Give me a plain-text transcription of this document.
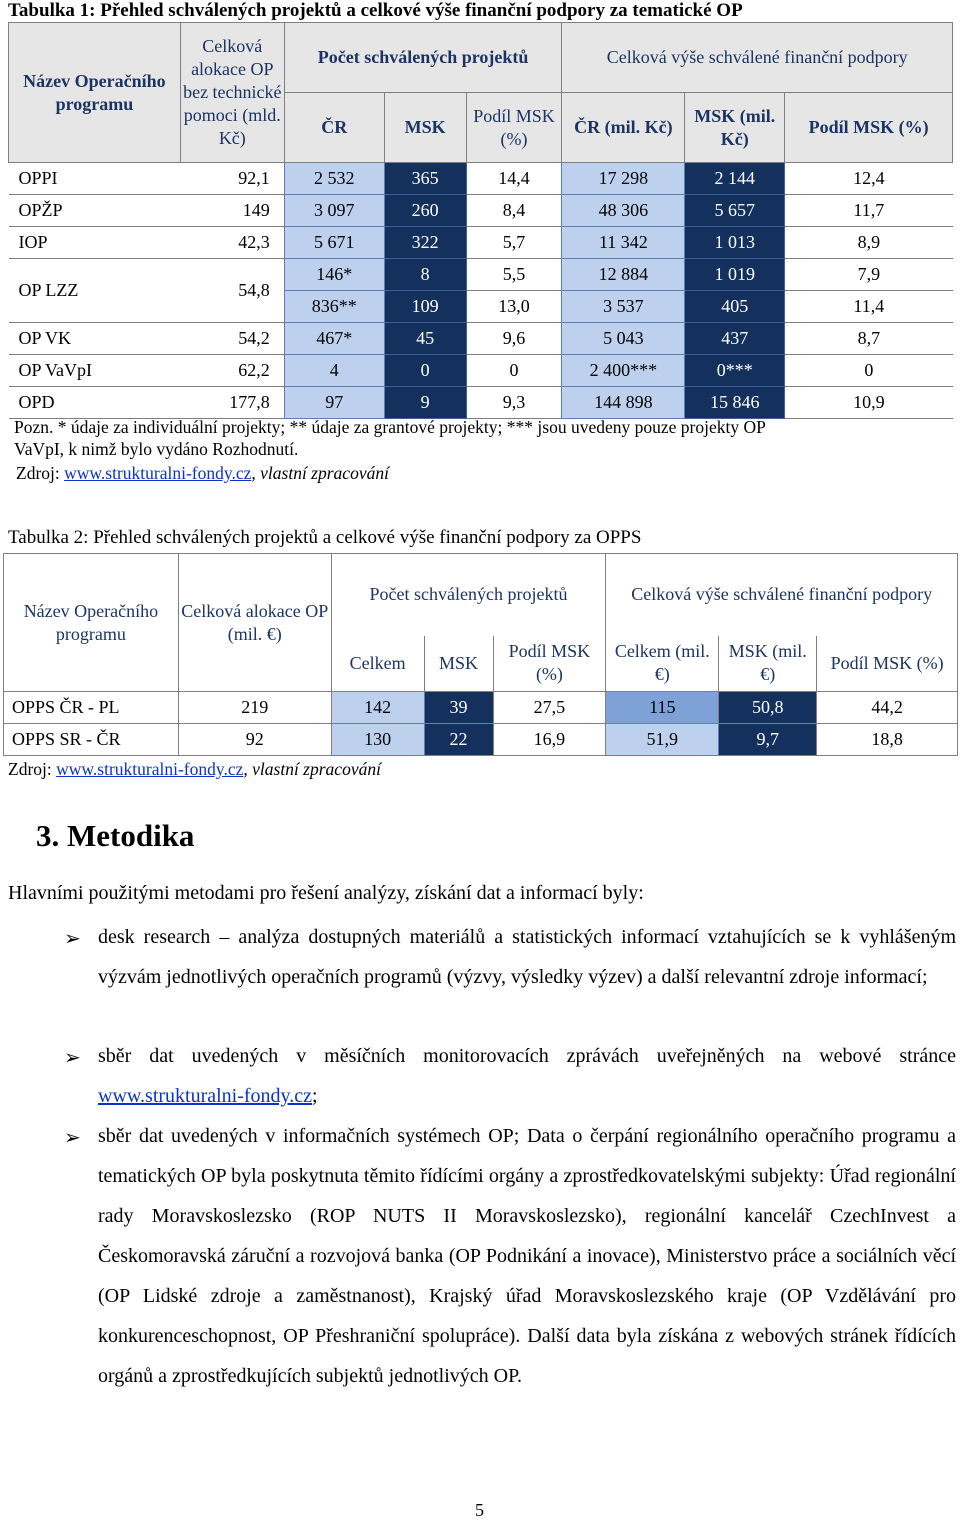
Tabulka 1: Přehled schválených projektů a celkové výše finanční podpory za tematické OP
Název Operačního programu	Celková alokace OP bez technické pomoci (mld. Kč)	Počet schválených projektů			Celková výše schválené finanční podpory		
		ČR	MSK	Podíl MSK (%)	ČR (mil. Kč)	MSK (mil. Kč)	Podíl MSK (%)
OPPI	92,1	2 532	365	14,4	17 298	2 144	12,4
OPŽP	149	3 097	260	8,4	48 306	5 657	11,7
IOP	42,3	5 671	322	5,7	11 342	1 013	8,9
OP LZZ	54,8	146*	8	5,5	12 884	1 019	7,9
		836**	109	13,0	3 537	405	11,4
OP VK	54,2	467*	45	9,6	5 043	437	8,7
OP VaVpI	62,2	4	0	0	2 400***	0***	0
OPD	177,8	97	9	9,3	144 898	15 846	10,9
Pozn. * údaje za individuální projekty; ** údaje za grantové projekty; *** jsou uvedeny pouze projekty OP
VaVpI, k nimž bylo vydáno Rozhodnutí.
Zdroj: www.strukturalni-fondy.cz, vlastní zpracování
Tabulka 2: Přehled schválených projektů a celkové výše finanční podpory za OPPS
Název Operačního programu	Celková alokace OP (mil. €)	Počet schválených projektů			Celková výše schválené finanční podpory		
		Celkem	MSK	Podíl MSK (%)	Celkem (mil. €)	MSK (mil. €)	Podíl MSK (%)
OPPS ČR - PL	219	142	39	27,5	115	50,8	44,2
OPPS SR - ČR	92	130	22	16,9	51,9	9,7	18,8
Zdroj: www.strukturalni-fondy.cz, vlastní zpracování
3. Metodika
Hlavními použitými metodami pro řešení analýzy, získání dat a informací byly:
➢ desk research – analýza dostupných materiálů a statistických informací vztahujících se k vyhlášeným výzvám jednotlivých operačních programů (výzvy, výsledky výzev) a další relevantní zdroje informací;
➢ sběr dat uvedených v měsíčních monitorovacích zprávách uveřejněných na webové stránce www.strukturalni-fondy.cz;
➢ sběr dat uvedených v informačních systémech OP; Data o čerpání regionálního operačního programu a tematických OP byla poskytnuta těmito řídícími orgány a zprostředkovatelskými subjekty: Úřad regionální rady Moravskoslezsko (ROP NUTS II Moravskoslezsko), regionální kancelář CzechInvest a Českomoravská záruční a rozvojová banka (OP Podnikání a inovace), Ministerstvo práce a sociálních věcí (OP Lidské zdroje a zaměstnanost), Krajský úřad Moravskoslezského kraje (OP Vzdělávání pro konkurenceschopnost, OP Přeshraniční spolupráce). Další data byla získána z webových stránek řídících orgánů a zprostředkujících subjektů jednotlivých OP.
5
